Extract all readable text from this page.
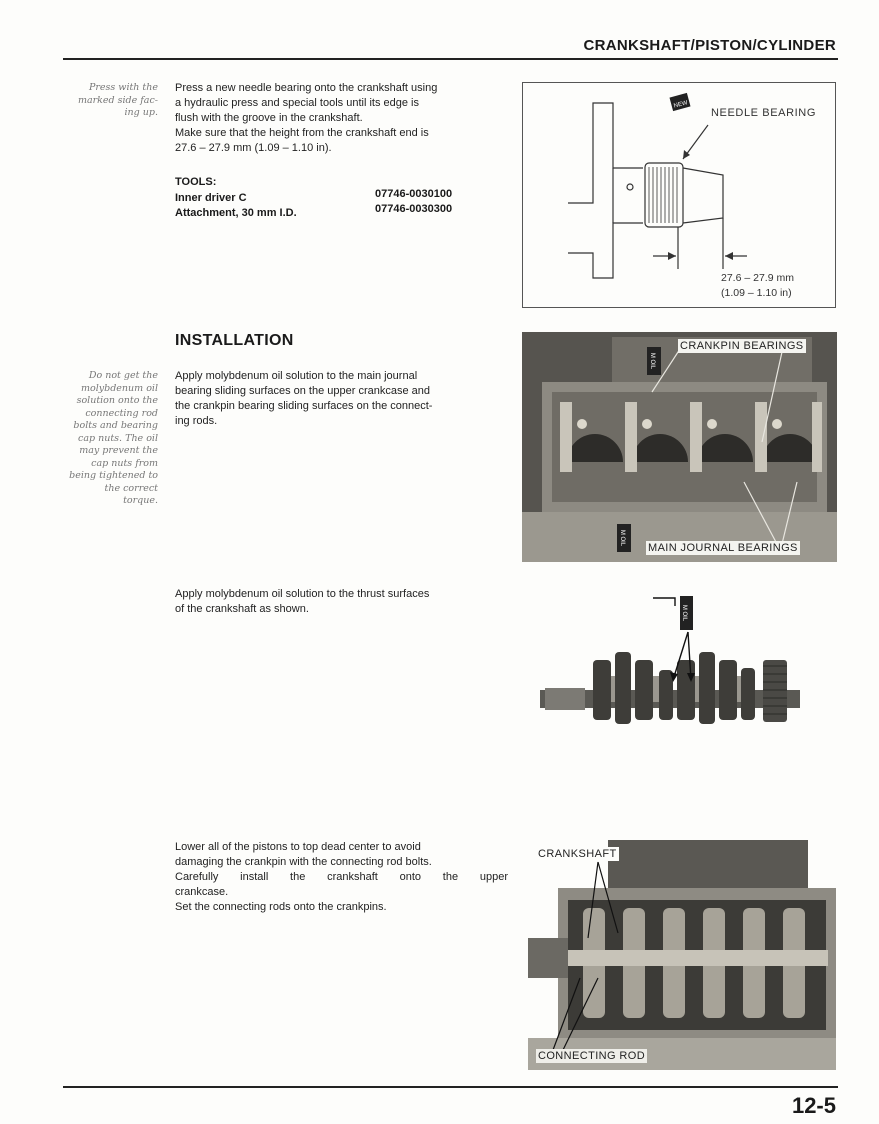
CRANKSHAFT/PISTON/CYLINDER
Press with the
marked side fac-
ing up.

Press a new needle bearing onto the crankshaft using

a hydraulic press and special tools until its edge is

flush with the groove in the crankshaft.

Make sure that the height from the crankshaft end is

27.6 – 27.9 mm (1.09 – 1.10 in).

TOOLS:
Inner driver C	07746-0030100
Attachment, 30 mm I.D.	07746-0030300
NEW
NEEDLE BEARING
27.6 – 27.9 mm
(1.09 – 1.10 in)
INSTALLATION
Do not get the
molybdenum oil
solution onto the
connecting rod
bolts and bearing
cap nuts. The oil
may prevent the
cap nuts from
being tightened to
the correct
torque.

Apply molybdenum oil solution to the main journal

bearing sliding surfaces on the upper crankcase and

the crankpin bearing sliding surfaces on the connect-

ing rods.

M OIL
M OIL
CRANKPIN BEARINGS
MAIN JOURNAL BEARINGS

Apply molybdenum oil solution to the thrust surfaces

of the crankshaft as shown.	M OIL

Lower all of the pistons to top dead center to avoid

damaging the crankpin with the connecting rod bolts.

Carefully install the crankshaft onto the upper

crankcase.

Set the connecting rods onto the crankpins.

CRANKSHAFT
CONNECTING ROD
12-5
